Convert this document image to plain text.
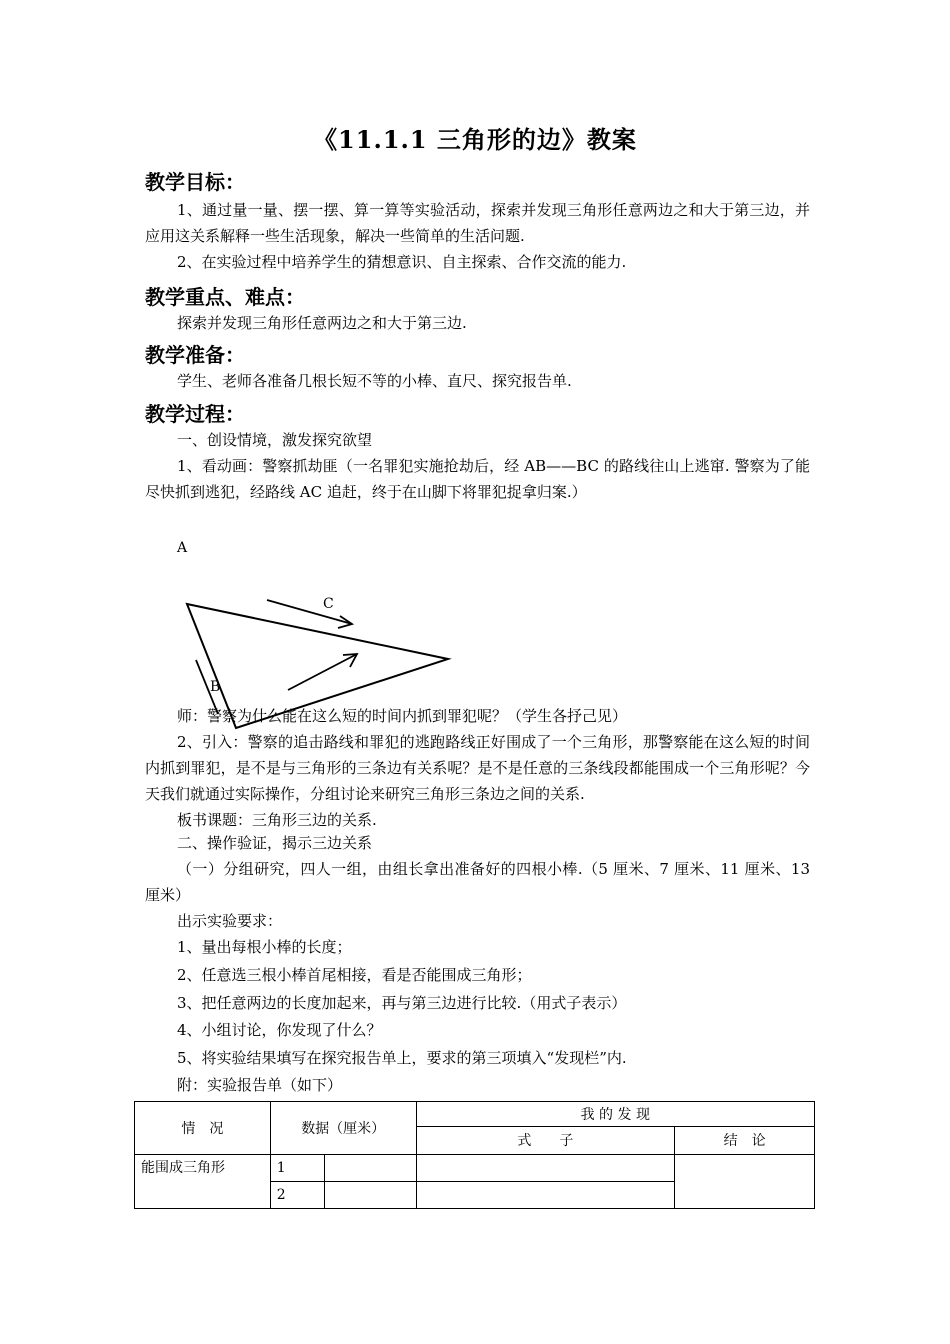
《11.1.1 三角形的边》教案
教学目标：
1、通过量一量、摆一摆、算一算等实验活动，探索并发现三角形任意两边之和大于第三边，并应用这关系解释一些生活现象，解决一些简单的生活问题.
2、在实验过程中培养学生的猜想意识、自主探索、合作交流的能力.
教学重点、难点：
探索并发现三角形任意两边之和大于第三边.
教学准备：
学生、老师各准备几根长短不等的小棒、直尺、探究报告单.
教学过程：
一、创设情境，激发探究欲望
1、看动画：警察抓劫匪（一名罪犯实施抢劫后，经 AB——BC 的路线往山上逃窜. 警察为了能尽快抓到逃犯，经路线 AC 追赶，终于在山脚下将罪犯捉拿归案.）
A
C
B
师：警察为什么能在这么短的时间内抓到罪犯呢？（学生各抒己见）
2、引入：警察的追击路线和罪犯的逃跑路线正好围成了一个三角形，那警察能在这么短的时间内抓到罪犯，是不是与三角形的三条边有关系呢？是不是任意的三条线段都能围成一个三角形呢？今天我们就通过实际操作，分组讨论来研究三角形三条边之间的关系.
板书课题：三角形三边的关系.
二、操作验证，揭示三边关系
（一）分组研究，四人一组，由组长拿出准备好的四根小棒.（5 厘米、7 厘米、11 厘米、13 厘米）
出示实验要求：
1、量出每根小棒的长度；
2、任意选三根小棒首尾相接，看是否能围成三角形；
3、把任意两边的长度加起来，再与第三边进行比较.（用式子表示）
4、小组讨论，你发现了什么？
5、将实验结果填写在探究报告单上，要求的第三项填入“发现栏”内.
附：实验报告单（如下）
情　况	数据（厘米）		我 的 发 现	
			式　　子	结　论
能围成三角形	1			
	2			
